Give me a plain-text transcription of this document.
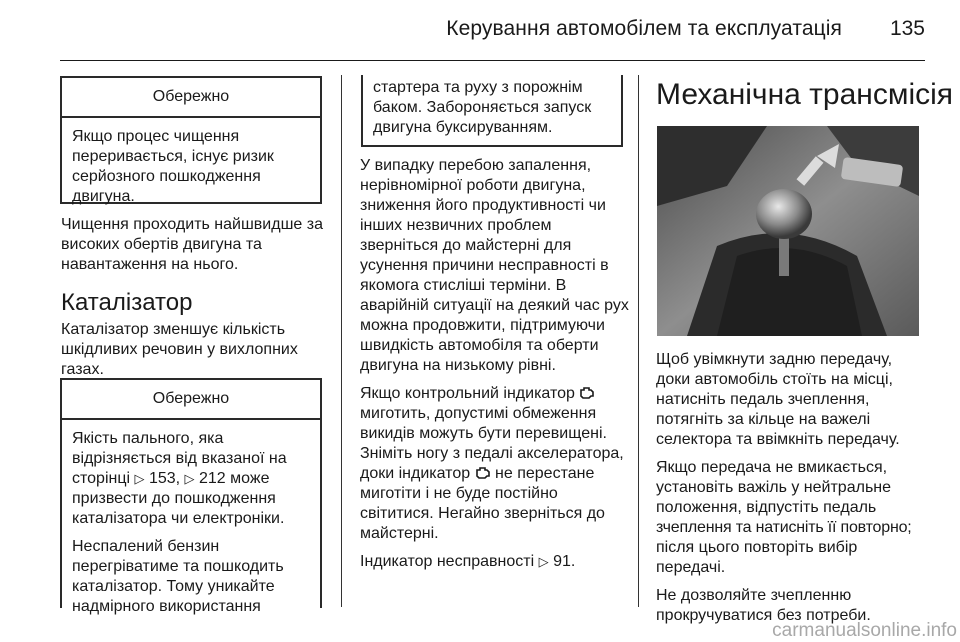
Керування автомобілем та експлуатація 135
Обережно
Якщо процес чищення
переривається, існує ризик
серйозного пошкодження
двигуна.
Чищення проходить найшвидше за
високих обертів двигуна та
навантаження на нього.
Каталізатор
Каталізатор зменшує кількість
шкідливих речовин у вихлопних
газах.
Обережно
Якість пального, яка
відрізняється від вказаної на
сторінці ▷ 153, ▷ 212 може
призвести до пошкодження
каталізатора чи електроніки.
Неспалений бензин
перегріватиме та пошкодить
каталізатор. Тому уникайте
надмірного використання
стартера та руху з порожнім
баком. Забороняється запуск
двигуна буксируванням.
У випадку перебою запалення,
нерівномірної роботи двигуна,
зниження його продуктивності чи
інших незвичних проблем
зверніться до майстерні для
усунення причини несправності в
якомога стисліші терміни. В
аварійній ситуації на деякий час рух
можна продовжити, підтримуючи
швидкість автомобіля та оберти
двигуна на низькому рівні.
Якщо контрольний індикатор
миготить, допустимі обмеження
викидів можуть бути перевищені.
Зніміть ногу з педалі акселератора,
доки індикатор  не перестане
миготіти і не буде постійно
світитися. Негайно зверніться до
майстерні.
Індикатор несправності ▷ 91.
Механічна трансмісія
Щоб увімкнути задню передачу,
доки автомобіль стоїть на місці,
натисніть педаль зчеплення,
потягніть за кільце на важелі
селектора та ввімкніть передачу.
Якщо передача не вмикається,
установіть важіль у нейтральне
положення, відпустіть педаль
зчеплення та натисніть її повторно;
після цього повторіть вибір
передачі.
Не дозволяйте зчепленню
прокручуватися без потреби.
carmanualsonline.info
